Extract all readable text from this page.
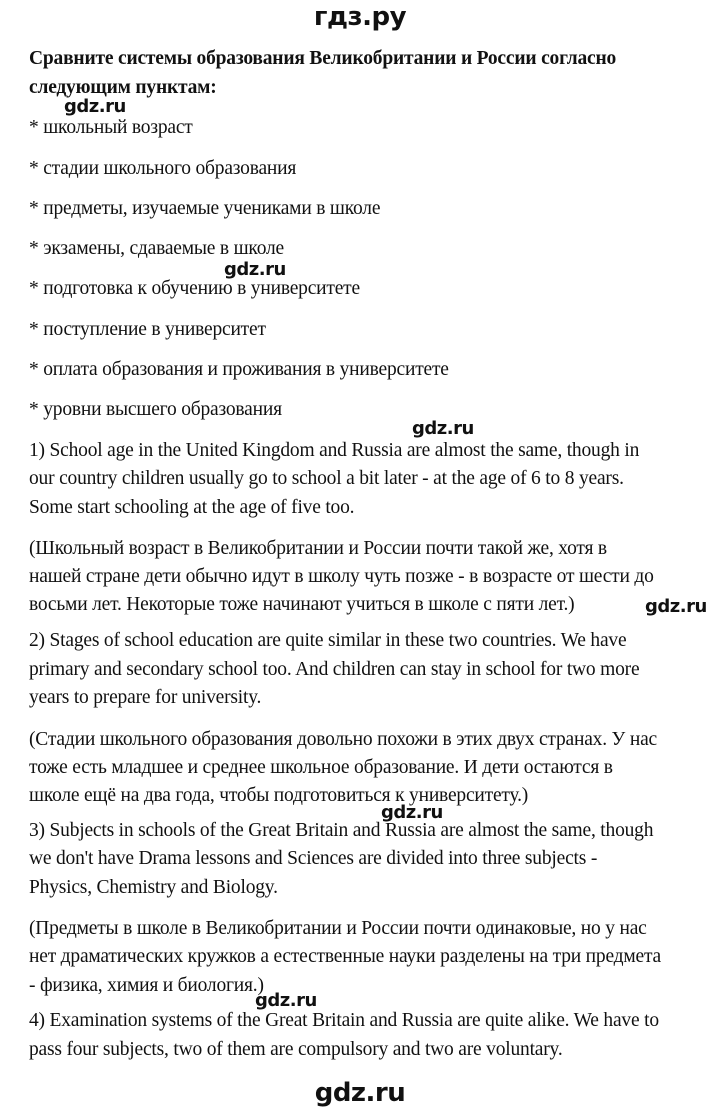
гдз.ру
Сравните системы образования Великобритании и России согласно
следующим пунктам:
gdz.ru
* школьный возраст
* стадии школьного образования
* предметы, изучаемые учениками в школе
* экзамены, сдаваемые в школе
gdz.ru
* подготовка к обучению в университете
* поступление в университет
* оплата образования и проживания в университете
* уровни высшего образования
gdz.ru
1) School age in the United Kingdom and Russia are almost the same, though in
our country children usually go to school a bit later - at the age of 6 to 8 years.
Some start schooling at the age of five too.
(Школьный возраст в Великобритании и России почти такой же, хотя в
нашей стране дети обычно идут в школу чуть позже - в возрасте от шести до
восьми лет. Некоторые тоже начинают учиться в школе с пяти лет.)	gdz.ru
2) Stages of school education are quite similar in these two countries. We have
primary and secondary school too. And children can stay in school for two more
years to prepare for university.
(Стадии школьного образования довольно похожи в этих двух странах. У нас
тоже есть младшее и среднее школьное образование. И дети остаются в
школе ещё на два года, чтобы подготовиться к университету.)
gdz.ru
3) Subjects in schools of the Great Britain and Russia are almost the same, though
we don't have Drama lessons and Sciences are divided into three subjects -
Physics, Chemistry and Biology.
(Предметы в школе в Великобритании и России почти одинаковые, но у нас
нет драматических кружков а естественные науки разделены на три предмета
- физика, химия и биология.)
gdz.ru
4) Examination systems of the Great Britain and Russia are quite alike. We have to
pass four subjects, two of them are compulsory and two are voluntary.
gdz.ru
